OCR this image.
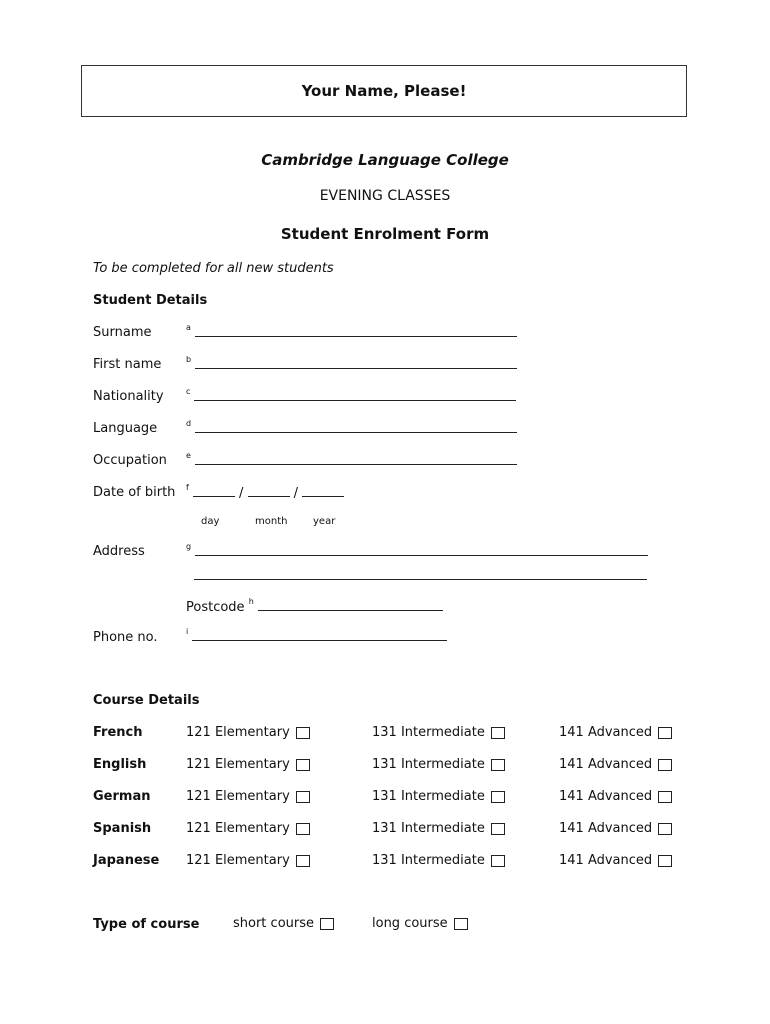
Your Name, Please!
Cambridge Language College
EVENING CLASSES
Student Enrolment Form
To be completed for all new students
Student Details
Surname	$^a$
First name	$^b$
Nationality	$^c$
Language	$^d$
Occupation $^e$
Date of birth $^f$	/	/
day	month	year
Address	$^g$
Postcode $^h$
Phone no.	$^i$
Course Details
French	121 Elementary	131 Intermediate	141 Advanced
English	121 Elementary	131 Intermediate	141 Advanced
German	121 Elementary	131 Intermediate	141 Advanced
Spanish	121 Elementary	131 Intermediate	141 Advanced
Japanese 121 Elementary	131 Intermediate	141 Advanced
Type of course	short course	long course
